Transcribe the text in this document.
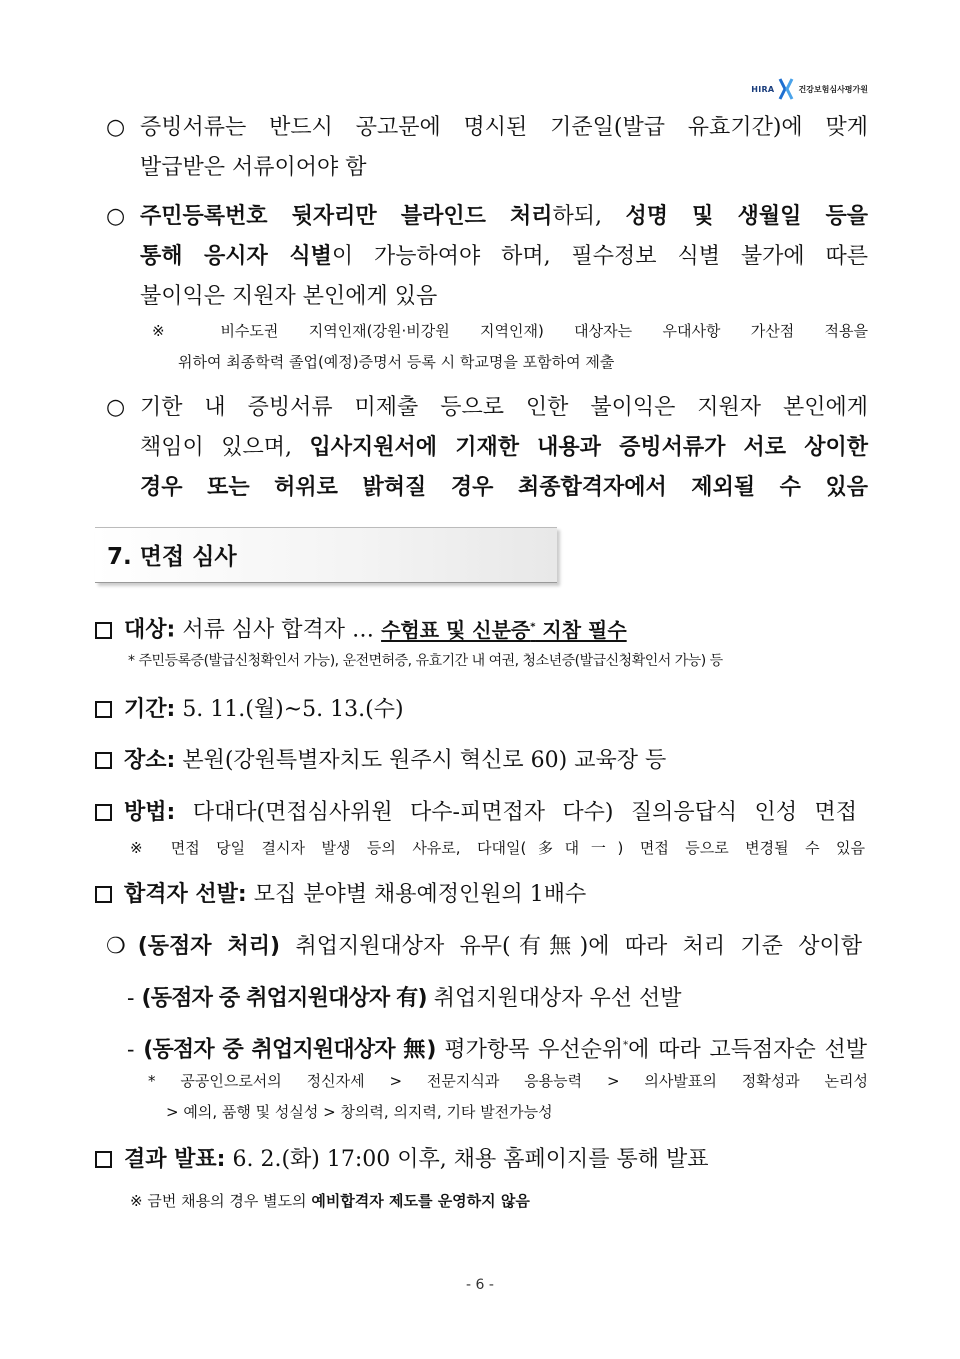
HIRA	건강보험심사평가원
○ 증빙서류는 반드시 공고문에 명시된 기준일(발급 유효기간)에 맞게
발급받은 서류이어야 함
○ 주민등록번호 뒷자리만 블라인드 처리하되, 성명 및 생월일 등을
통해 응시자 식별이 가능하여야 하며, 필수정보 식별 불가에 따른
불이익은 지원자 본인에게 있음
※ 비수도권 지역인재(강원·비강원 지역인재) 대상자는 우대사항 가산점 적용을
위하여 최종학력 졸업(예정)증명서 등록 시 학교명을 포함하여 제출
○ 기한 내 증빙서류 미제출 등으로 인한 불이익은 지원자 본인에게
책임이 있으며, 입사지원서에 기재한 내용과 증빙서류가 서로 상이한
경우 또는 허위로 밝혀질 경우 최종합격자에서 제외될 수 있음
7. 면접 심사
대상: 서류 심사 합격자 … 수험표 및 신분증* 지참 필수
* 주민등록증(발급신청확인서 가능), 운전면허증, 유효기간 내 여권, 청소년증(발급신청확인서 가능) 등
기간: 5. 11.(월)~5. 13.(수)
장소: 본원(강원특별자치도 원주시 혁신로 60) 교육장 등
방법: 다대다(면접심사위원 다수-피면접자 다수) 질의응답식 인성 면접
※ 면접 당일 결시자 발생 등의 사유로, 다대일(多대一) 면접 등으로 변경될 수 있음
합격자 선발: 모집 분야별 채용예정인원의 1배수
❍ (동점자 처리) 취업지원대상자 유무(有無)에 따라 처리 기준 상이함
- (동점자 중 취업지원대상자 有) 취업지원대상자 우선 선발
- (동점자 중 취업지원대상자 無) 평가항목 우선순위*에 따라 고득점자순 선발
* 공공인으로서의 정신자세 > 전문지식과 응용능력 > 의사발표의 정확성과 논리성
> 예의, 품행 및 성실성 > 창의력, 의지력, 기타 발전가능성
결과 발표: 6. 2.(화) 17:00 이후, 채용 홈페이지를 통해 발표
※ 금번 채용의 경우 별도의 예비합격자 제도를 운영하지 않음
- 6 -
